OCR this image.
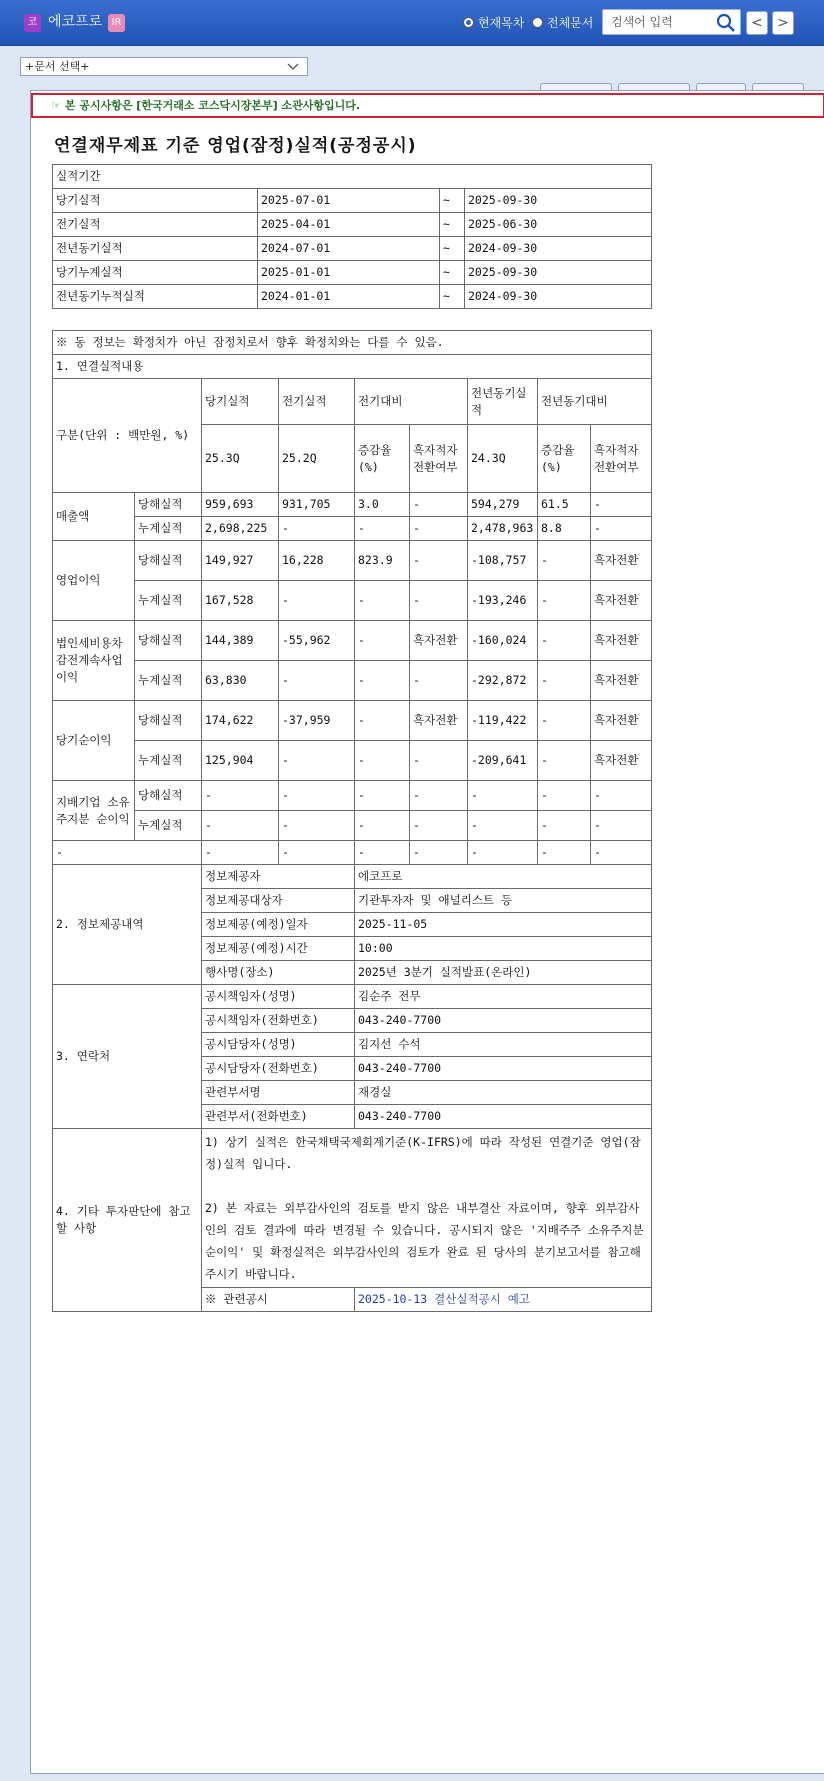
코 에코프로 IR	현재목차 전체문서
검색어 입력	<	>
+문서 선택+
☞ 본 공시사항은 [한국거래소 코스닥시장본부] 소관사항입니다.
연결재무제표 기준 영업(잠정)실적(공정공시)
실적기간			
당기실적	2025-07-01	~	2025-09-30
전기실적	2025-04-01	~	2025-06-30
전년동기실적	2024-07-01	~	2024-09-30
당기누계실적	2025-01-01	~	2025-09-30
전년동기누적실적	2024-01-01	~	2024-09-30
※ 동 정보는 확정치가 아닌 잠정치로서 향후 확정치와는 다를 수 있음.								
1. 연결실적내용								
구분(단위 : 백만원, %)		당기실적	전기실적	전기대비		전년동기실적	전년동기대비	
		25.3Q	25.2Q	증감율(%)	흑자적자전환여부	24.3Q	증감율(%)	흑자적자전환여부
매출액	당해실적	959,693	931,705	3.0	-	594,279	61.5	-
	누계실적	2,698,225	-	-	-	2,478,963	8.8	-
영업이익	당해실적	149,927	16,228	823.9	-	-108,757	-	흑자전환
	누계실적	167,528	-	-	-	-193,246	-	흑자전환
법인세비용차감전계속사업이익	당해실적	144,389	-55,962	-	흑자전환	-160,024	-	흑자전환
	누계실적	63,830	-	-	-	-292,872	-	흑자전환
당기순이익	당해실적	174,622	-37,959	-	흑자전환	-119,422	-	흑자전환
	누계실적	125,904	-	-	-	-209,641	-	흑자전환
지배기업 소유주지분 순이익	당해실적	-	-	-	-	-	-	-
	누계실적	-	-	-	-	-	-	-
-		-	-	-	-	-	-	-
2. 정보제공내역		정보제공자		에코프로				
		정보제공대상자		기관투자자 및 애널리스트 등				
		정보제공(예정)일자		2025-11-05				
		정보제공(예정)시간		10:00				
		행사명(장소)		2025년 3분기 실적발표(온라인)				
3. 연락처		공시책임자(성명)		김순주 전무				
		공시책임자(전화번호)		043-240-7700				
		공시담당자(성명)		김지선 수석				
		공시담당자(전화번호)		043-240-7700				
		관련부서명		재경실				
		관련부서(전화번호)		043-240-7700				
4. 기타 투자판단에 참고할 사항		1) 상기 실적은 한국채택국제회계기준(K-IFRS)에 따라 작성된 연결기준 영업(잠정)실적 입니다.
2) 본 자료는 외부감사인의 검토를 받지 않은 내부결산 자료이며, 향후 외부감사인의 검토 결과에 따라 변경될 수 있습니다. 공시되지 않은 '지배주주 소유주지분 순이익' 및 확정실적은 외부감사인의 검토가 완료 된 당사의 분기보고서를 참고해 주시기 바랍니다.						

		※ 관련공시		2025-10-13 결산실적공시 예고				
